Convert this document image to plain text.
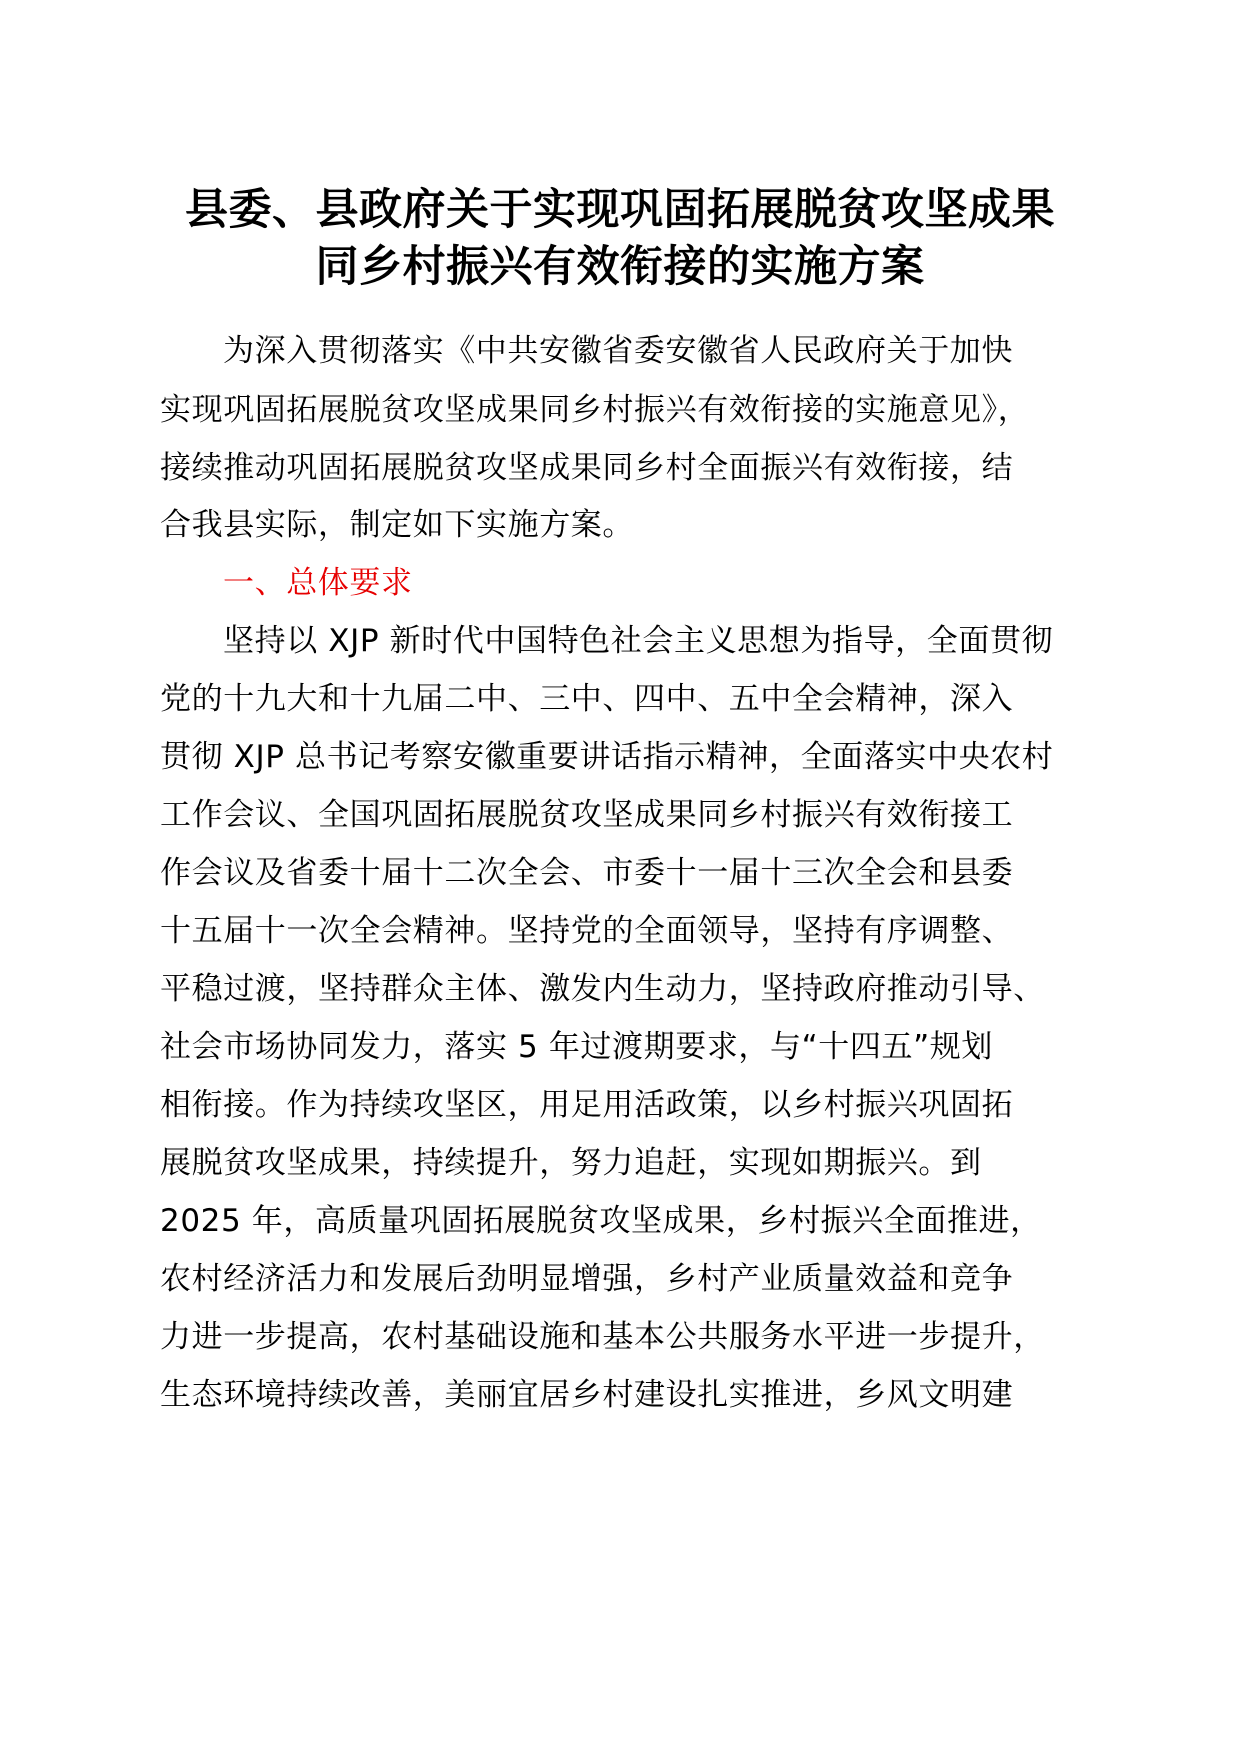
县委、县政府关于实现巩固拓展脱贫攻坚成果
同乡村振兴有效衔接的实施方案
为深入贯彻落实《中共安徽省委安徽省人民政府关于加快
实现巩固拓展脱贫攻坚成果同乡村振兴有效衔接的实施意见》，
接续推动巩固拓展脱贫攻坚成果同乡村全面振兴有效衔接，结
合我县实际，制定如下实施方案。
一、总体要求
坚持以 XJP 新时代中国特色社会主义思想为指导，全面贯彻
党的十九大和十九届二中、三中、四中、五中全会精神，深入
贯彻 XJP 总书记考察安徽重要讲话指示精神，全面落实中央农村
工作会议、全国巩固拓展脱贫攻坚成果同乡村振兴有效衔接工
作会议及省委十届十二次全会、市委十一届十三次全会和县委
十五届十一次全会精神。坚持党的全面领导，坚持有序调整、
平稳过渡，坚持群众主体、激发内生动力，坚持政府推动引导、
社会市场协同发力，落实 5 年过渡期要求，与“十四五”规划
相衔接。作为持续攻坚区，用足用活政策，以乡村振兴巩固拓
展脱贫攻坚成果，持续提升，努力追赶，实现如期振兴。到
2025 年，高质量巩固拓展脱贫攻坚成果，乡村振兴全面推进，
农村经济活力和发展后劲明显增强，乡村产业质量效益和竞争
力进一步提高，农村基础设施和基本公共服务水平进一步提升，
生态环境持续改善，美丽宜居乡村建设扎实推进，乡风文明建
